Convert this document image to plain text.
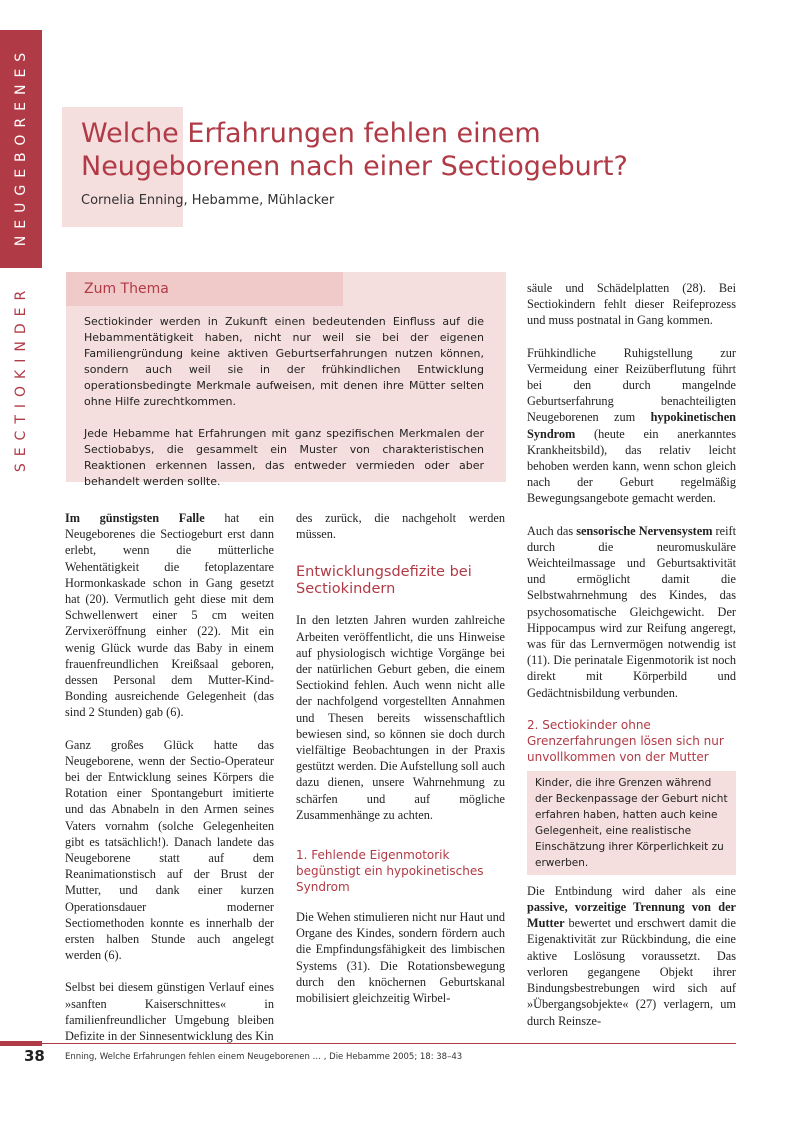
NEUGEBORENES
SECTIOKINDER
Welche Erfahrungen fehlen einem Neugeborenen nach einer Sectiogeburt?
Cornelia Enning, Hebamme, Mühlacker
Zum Thema

Sectiokinder werden in Zukunft einen bedeutenden Einfluss auf die Hebammentätigkeit haben, nicht nur weil sie bei der eigenen Familiengründung keine aktiven Geburtserfahrungen nutzen können, sondern auch weil sie in der frühkindlichen Entwicklung operationsbedingte Merkmale aufweisen, mit denen ihre Mütter selten ohne Hilfe zurechtkommen.

Jede Hebamme hat Erfahrungen mit ganz spezifischen Merkmalen der Sectiobabys, die gesammelt ein Muster von charakteristischen Reaktionen erkennen lassen, das entweder vermieden oder aber behandelt werden sollte.

Im günstigsten Falle hat ein Neugeborenes die Sectiogeburt erst dann erlebt, wenn die mütterliche Wehentätigkeit die fetoplazentare Hormonkaskade schon in Gang gesetzt hat (20). Vermutlich geht diese mit dem Schwellenwert einer 5 cm weiten Zervixeröffnung einher (22). Mit ein wenig Glück wurde das Baby in einem frauenfreundlichen Kreißsaal geboren, dessen Personal dem Mutter-Kind-Bonding ausreichende Gelegenheit (das sind 2 Stunden) gab (6).

Ganz großes Glück hatte das Neugeborene, wenn der Sectio-Operateur bei der Entwicklung seines Körpers die Rotation einer Spontangeburt imitierte und das Abnabeln in den Armen seines Vaters vornahm (solche Gelegenheiten gibt es tatsächlich!). Danach landete das Neugeborene statt auf dem Reanimationstisch auf der Brust der Mutter, und dank einer kurzen Operationsdauer moderner Sectiomethoden konnte es innerhalb der ersten halben Stunde auch angelegt werden (6).

Selbst bei diesem günstigen Verlauf eines »sanften Kaiserschnittes« in familienfreundlicher Umgebung bleiben Defizite in der Sinnesentwicklung des Kin

des zurück, die nachgeholt werden müssen.

Entwicklungsdefizite bei Sectiokindern

In den letzten Jahren wurden zahlreiche Arbeiten veröffentlicht, die uns Hinweise auf physiologisch wichtige Vorgänge bei der natürlichen Geburt geben, die einem Sectiokind fehlen. Auch wenn nicht alle der nachfolgend vorgestellten Annahmen und Thesen bereits wissenschaftlich bewiesen sind, so können sie doch durch vielfältige Beobachtungen in der Praxis gestützt werden. Die Aufstellung soll auch dazu dienen, unsere Wahrnehmung zu schärfen und auf mögliche Zusammenhänge zu achten.

1. Fehlende Eigenmotorik begünstigt ein hypokinetisches Syndrom

Die Wehen stimulieren nicht nur Haut und Organe des Kindes, sondern fördern auch die Empfindungsfähigkeit des limbischen Systems (31). Die Rotationsbewegung durch den knöchernen Geburtskanal mobilisiert gleichzeitig Wirbel-

säule und Schädelplatten (28). Bei Sectiokindern fehlt dieser Reifeprozess und muss postnatal in Gang kommen.

Frühkindliche Ruhigstellung zur Vermeidung einer Reizüberflutung führt bei den durch mangelnde Geburtserfahrung benachteiligten Neugeborenen zum hypokinetischen Syndrom (heute ein anerkanntes Krankheitsbild), das relativ leicht behoben werden kann, wenn schon gleich nach der Geburt regelmäßig Bewegungsangebote gemacht werden.

Auch das sensorische Nervensystem reift durch die neuromuskuläre Weichteilmassage und Geburtsaktivität und ermöglicht damit die Selbstwahrnehmung des Kindes, das psychosomatische Gleichgewicht. Der Hippocampus wird zur Reifung angeregt, was für das Lernvermögen notwendig ist (11). Die perinatale Eigenmotorik ist noch direkt mit Körperbild und Gedächtnisbildung verbunden.

2. Sectiokinder ohne Grenzerfahrungen lösen sich nur unvollkommen von der Mutter
Kinder, die ihre Grenzen während der Beckenpassage der Geburt nicht erfahren haben, hatten auch keine Gelegenheit, eine realistische Einschätzung ihrer Körperlichkeit zu erwerben.

Die Entbindung wird daher als eine passive, vorzeitige Trennung von der Mutter bewertet und erschwert damit die Eigenaktivität zur Rückbindung, die eine aktive Loslösung voraussetzt. Das verloren gegangene Objekt ihrer Bindungsbestrebungen wird sich auf »Übergangsobjekte« (27) verlagern, um durch Reinsze-

38 Enning, Welche Erfahrungen fehlen einem Neugeborenen … , Die Hebamme 2005; 18: 38–43
